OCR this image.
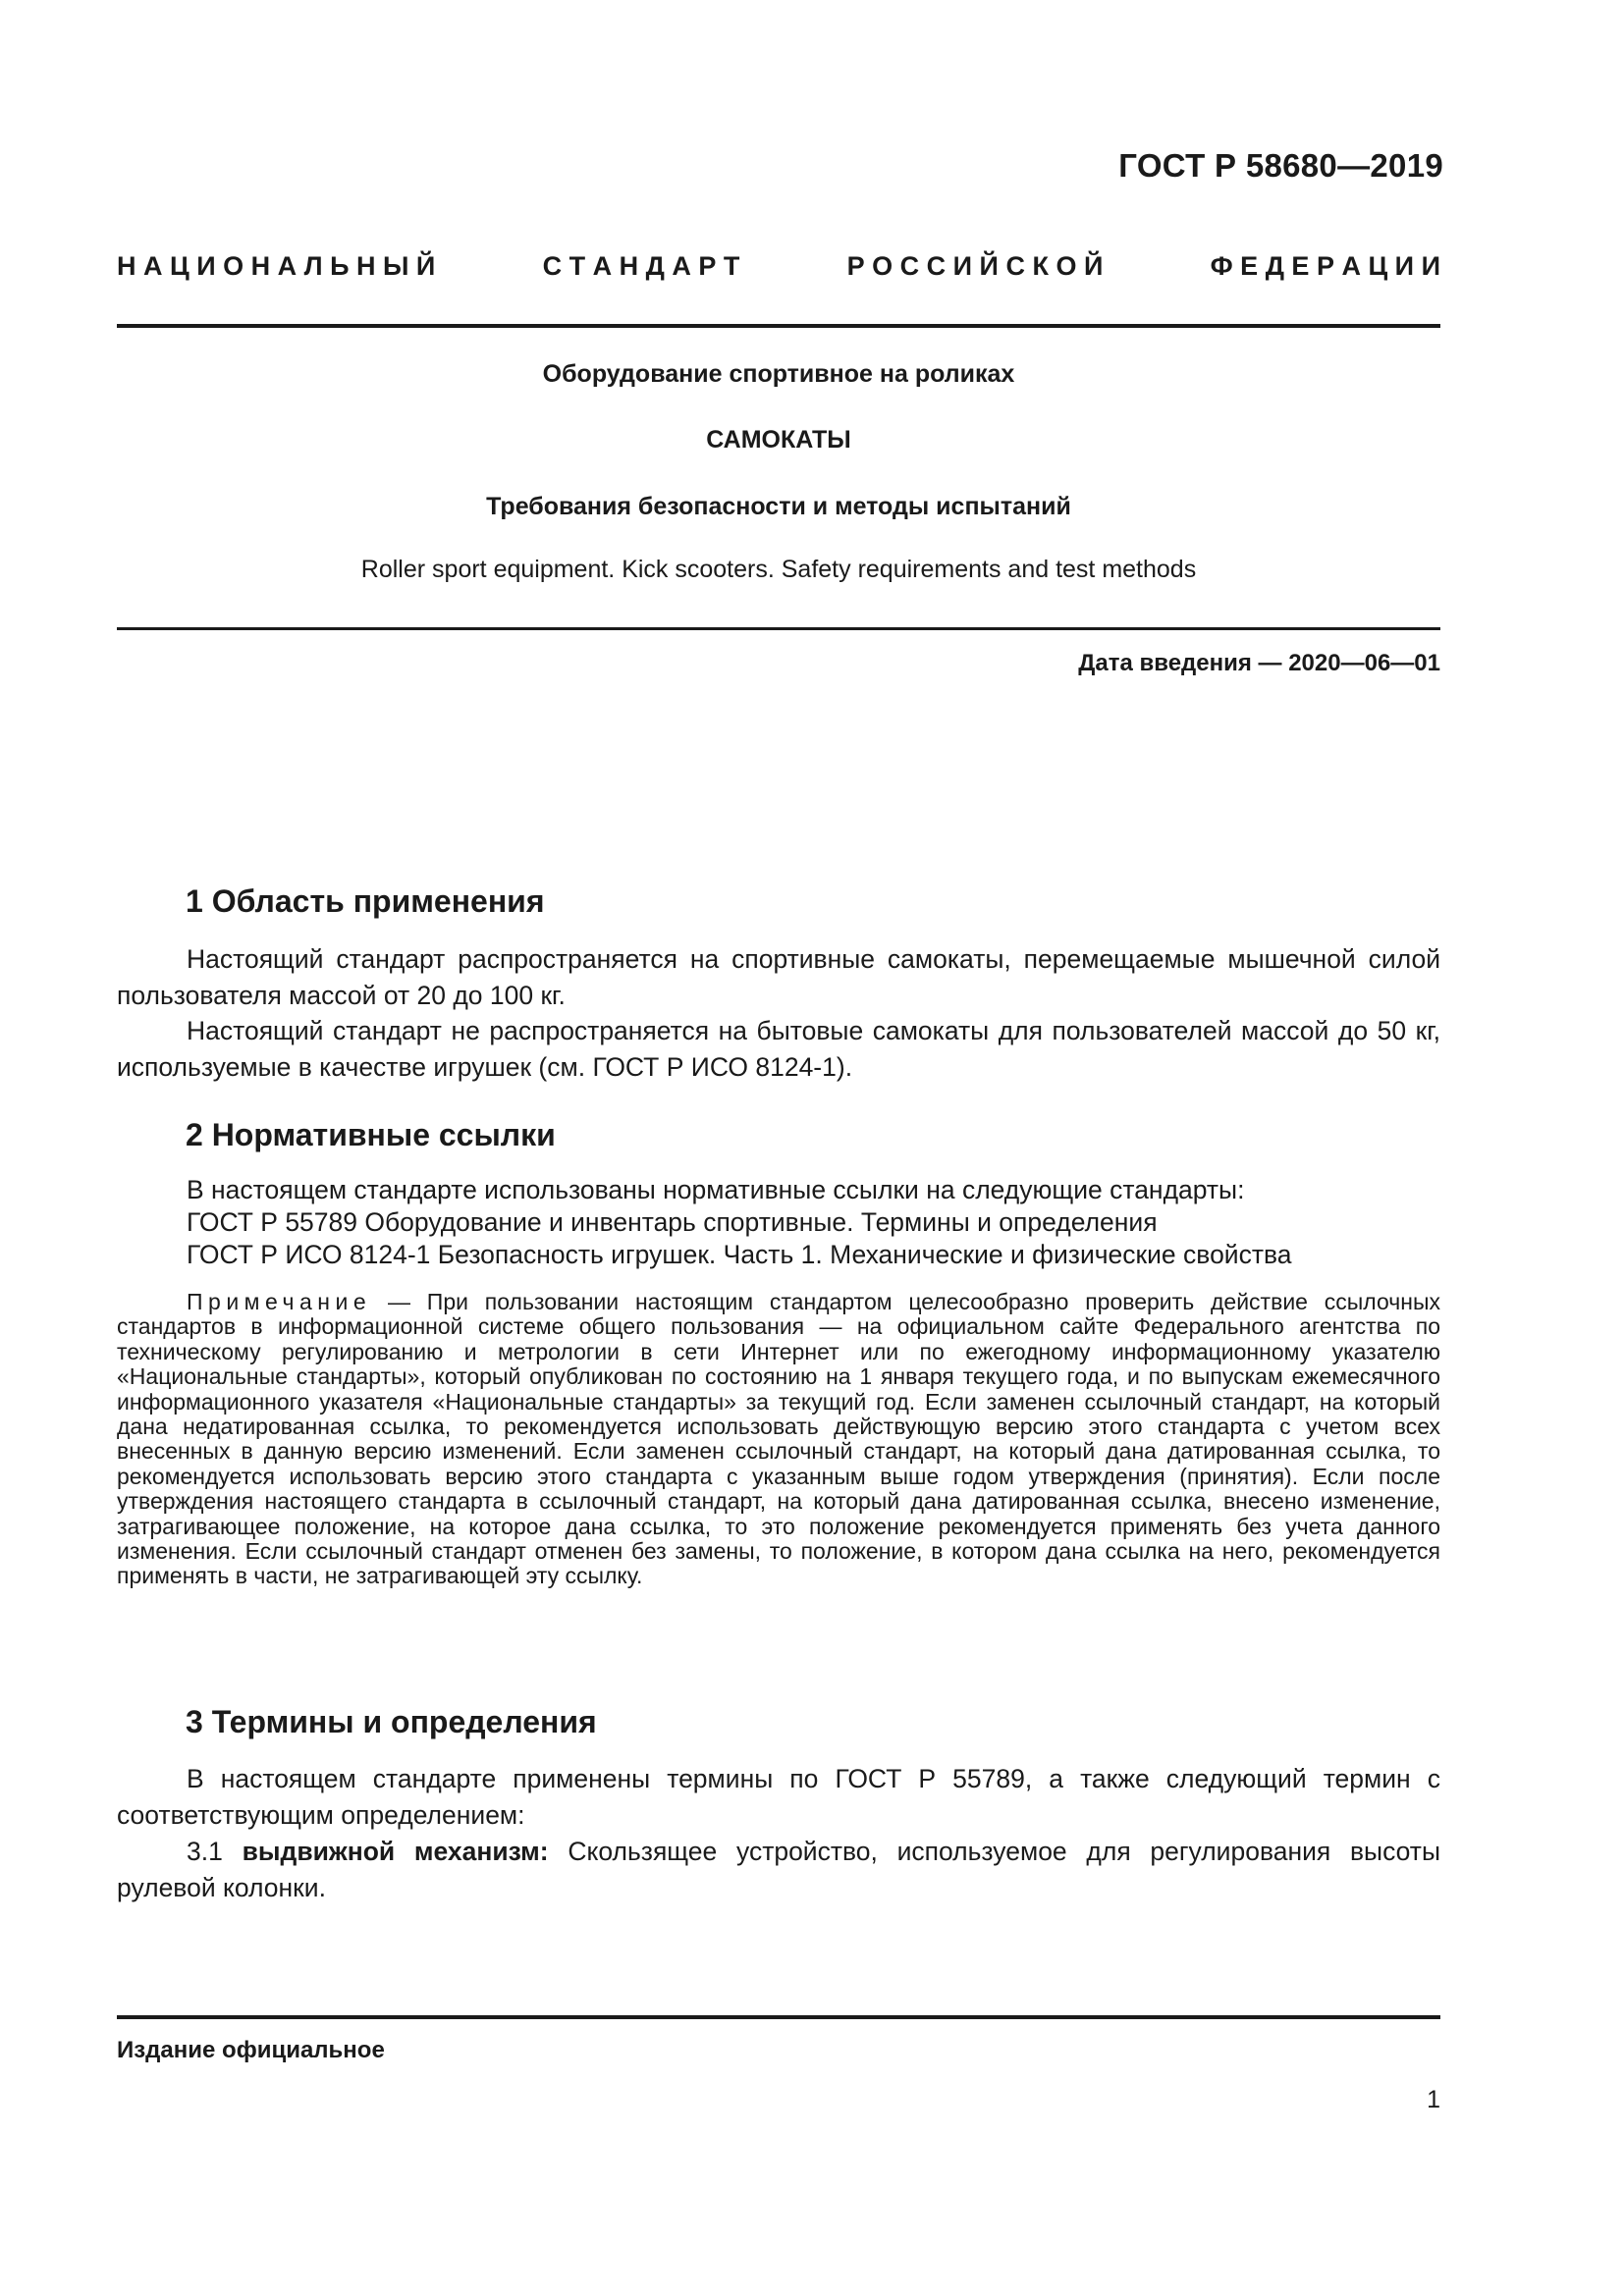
ГОСТ Р 58680—2019
Н А Ц И О Н А Л Ь Н Ы Й	С Т А Н Д А Р Т	Р О С С И Й С К О Й	Ф Е Д Е Р А Ц И И
Оборудование спортивное на роликах
САМОКАТЫ
Требования безопасности и методы испытаний
Roller sport equipment. Kick scooters. Safety requirements and test methods
Дата введения — 2020—06—01
1 Область применения

Настоящий стандарт распространяется на спортивные самокаты, перемещаемые мышечной силой пользователя массой от 20 до 100 кг.

Настоящий стандарт не распространяется на бытовые самокаты для пользователей массой до 50 кг, используемые в качестве игрушек (см. ГОСТ Р ИСО 8124-1).

2 Нормативные ссылки

В настоящем стандарте использованы нормативные ссылки на следующие стандарты:

ГОСТ Р 55789 Оборудование и инвентарь спортивные. Термины и определения

ГОСТ Р ИСО 8124-1 Безопасность игрушек. Часть 1. Механические и физические свойства

Примечание — При пользовании настоящим стандартом целесообразно проверить действие ссылочных стандартов в информационной системе общего пользования — на официальном сайте Федерального агентства по техническому регулированию и метрологии в сети Интернет или по ежегодному информационному указателю «Национальные стандарты», который опубликован по состоянию на 1 января текущего года, и по выпускам ежемесячного информационного указателя «Национальные стандарты» за текущий год. Если заменен ссылочный стандарт, на который дана недатированная ссылка, то рекомендуется использовать действующую версию этого стандарта с учетом всех внесенных в данную версию изменений. Если заменен ссылочный стандарт, на который дана датированная ссылка, то рекомендуется использовать версию этого стандарта с указанным выше годом утверждения (принятия). Если после утверждения настоящего стандарта в ссылочный стандарт, на который дана датированная ссылка, внесено изменение, затрагивающее положение, на которое дана ссылка, то это положение рекомендуется применять без учета данного изменения. Если ссылочный стандарт отменен без замены, то положение, в котором дана ссылка на него, рекомендуется применять в части, не затрагивающей эту ссылку.

3 Термины и определения

В настоящем стандарте применены термины по ГОСТ Р 55789, а также следующий термин с соответствующим определением:

3.1 выдвижной механизм: Скользящее устройство, используемое для регулирования высоты рулевой колонки.

Издание официальное
1
